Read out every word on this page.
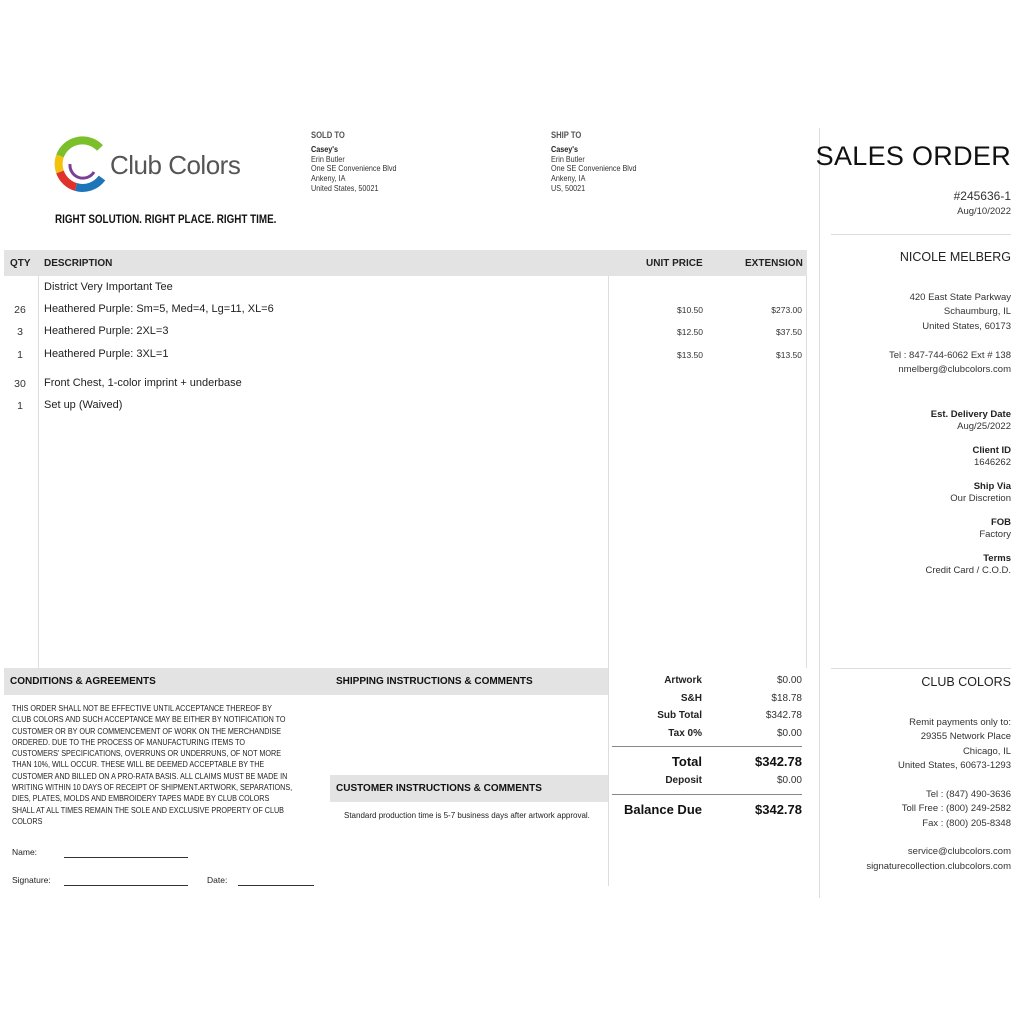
Club Colors
RIGHT SOLUTION. RIGHT PLACE. RIGHT TIME.
SOLD TO
Casey's
Erin Butler
One SE Convenience Blvd
Ankeny, IA
United States, 50021
SHIP TO
Casey's
Erin Butler
One SE Convenience Blvd
Ankeny, IA
US, 50021
QTY DESCRIPTION	UNIT PRICE	EXTENSION
District Very Important Tee
26	Heathered Purple: Sm=5, Med=4, Lg=11, XL=6	$10.50	$273.00
3	Heathered Purple: 2XL=3	$12.50	$37.50
1	Heathered Purple: 3XL=1	$13.50	$13.50
30	Front Chest, 1-color imprint + underbase
1	Set up (Waived)
CONDITIONS & AGREEMENTS
THIS ORDER SHALL NOT BE EFFECTIVE UNTIL ACCEPTANCE THEREOF BY CLUB COLORS AND SUCH ACCEPTANCE MAY BE EITHER BY NOTIFICATION TO CUSTOMER OR BY OUR COMMENCEMENT OF WORK ON THE MERCHANDISE ORDERED. DUE TO THE PROCESS OF MANUFACTURING ITEMS TO CUSTOMERS' SPECIFICATIONS, OVERRUNS OR UNDERRUNS, OF NOT MORE THAN 10%, WILL OCCUR. THESE WILL BE DEEMED ACCEPTABLE BY THE CUSTOMER AND BILLED ON A PRO-RATA BASIS. ALL CLAIMS MUST BE MADE IN WRITING WITHIN 10 DAYS OF RECEIPT OF SHIPMENT.ARTWORK, SEPARATIONS, DIES, PLATES, MOLDS AND EMBROIDERY TAPES MADE BY CLUB COLORS SHALL AT ALL TIMES REMAIN THE SOLE AND EXCLUSIVE PROPERTY OF CLUB COLORS
Name:
Signature:	Date:
SHIPPING INSTRUCTIONS & COMMENTS
CUSTOMER INSTRUCTIONS & COMMENTS
Standard production time is 5-7 business days after artwork approval.
Artwork	$0.00
S&H	$18.78
Sub Total	$342.78
Tax 0%	$0.00
Total	$342.78
Deposit	$0.00
Balance Due	$342.78
SALES ORDER
#245636-1
Aug/10/2022
NICOLE MELBERG
420 East State Parkway
Schaumburg, IL
United States, 60173
Tel : 847-744-6062 Ext # 138
nmelberg@clubcolors.com
Est. Delivery Date
Aug/25/2022
Client ID
1646262
Ship Via
Our Discretion
FOB
Factory
Terms
Credit Card / C.O.D.
CLUB COLORS
Remit payments only to:
29355 Network Place
Chicago, IL
United States, 60673-1293
Tel : (847) 490-3636
Toll Free : (800) 249-2582
Fax : (800) 205-8348
service@clubcolors.com
signaturecollection.clubcolors.com
